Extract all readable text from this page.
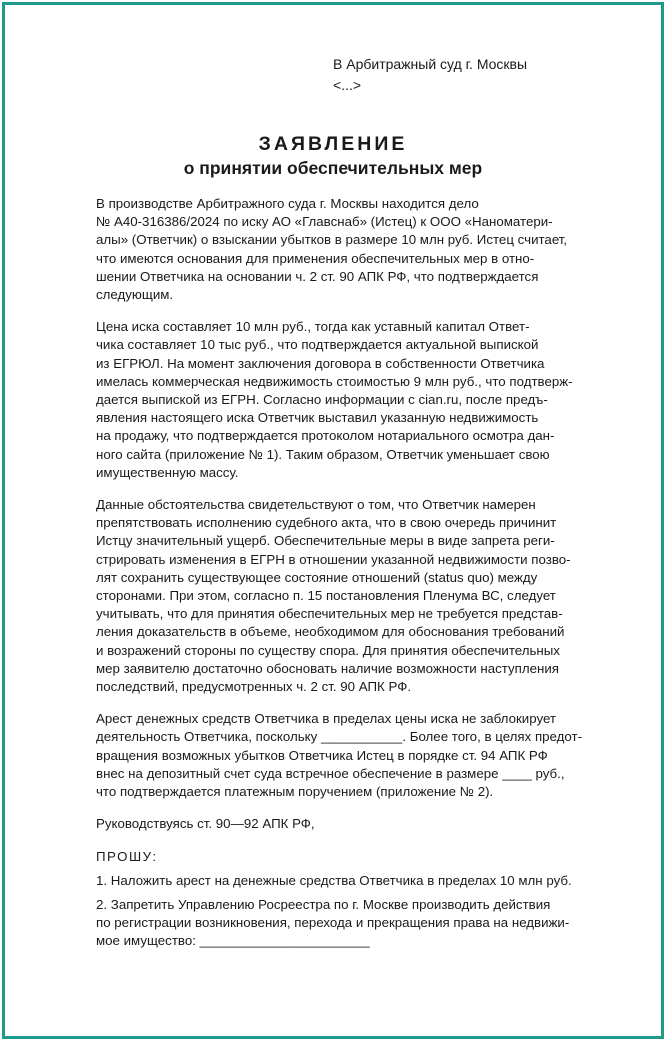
В Арбитражный суд г. Москвы
<...>
ЗАЯВЛЕНИЕ
о принятии обеспечительных мер
В производстве Арбитражного суда г. Москвы находится дело
№ А40-316386/2024 по иску АО «Главснаб» (Истец) к ООО «Наноматери-
алы» (Ответчик) о взыскании убытков в размере 10 млн руб. Истец считает,
что имеются основания для применения обеспечительных мер в отно-
шении Ответчика на основании ч. 2 ст. 90 АПК РФ, что подтверждается
следующим.
Цена иска составляет 10 млн руб., тогда как уставный капитал Ответ-
чика составляет 10 тыс руб., что подтверждается актуальной выпиской
из ЕГРЮЛ. На момент заключения договора в собственности Ответчика
имелась коммерческая недвижимость стоимостью 9 млн руб., что подтверж-
дается выпиской из ЕГРН. Согласно информации с cian.ru, после предъ-
явления настоящего иска Ответчик выставил указанную недвижимость
на продажу, что подтверждается протоколом нотариального осмотра дан-
ного сайта (приложение № 1). Таким образом, Ответчик уменьшает свою
имущественную массу.
Данные обстоятельства свидетельствуют о том, что Ответчик намерен
препятствовать исполнению судебного акта, что в свою очередь причинит
Истцу значительный ущерб. Обеспечительные меры в виде запрета реги-
стрировать изменения в ЕГРН в отношении указанной недвижимости позво-
лят сохранить существующее состояние отношений (status quo) между
сторонами. При этом, согласно п. 15 постановления Пленума ВС, следует
учитывать, что для принятия обеспечительных мер не требуется представ-
ления доказательств в объеме, необходимом для обоснования требований
и возражений стороны по существу спора. Для принятия обеспечительных
мер заявителю достаточно обосновать наличие возможности наступления
последствий, предусмотренных ч. 2 ст. 90 АПК РФ.
Арест денежных средств Ответчика в пределах цены иска не заблокирует
деятельность Ответчика, поскольку ___________. Более того, в целях предот-
вращения возможных убытков Ответчика Истец в порядке ст. 94 АПК РФ
внес на депозитный счет суда встречное обеспечение в размере ____ руб.,
что подтверждается платежным поручением (приложение № 2).
Руководствуясь ст. 90—92 АПК РФ,
ПРОШУ:
1. Наложить арест на денежные средства Ответчика в пределах 10 млн руб.
2. Запретить Управлению Росреестра по г. Москве производить действия
по регистрации возникновения, перехода и прекращения права на недвижи-
мое имущество: _______________________
